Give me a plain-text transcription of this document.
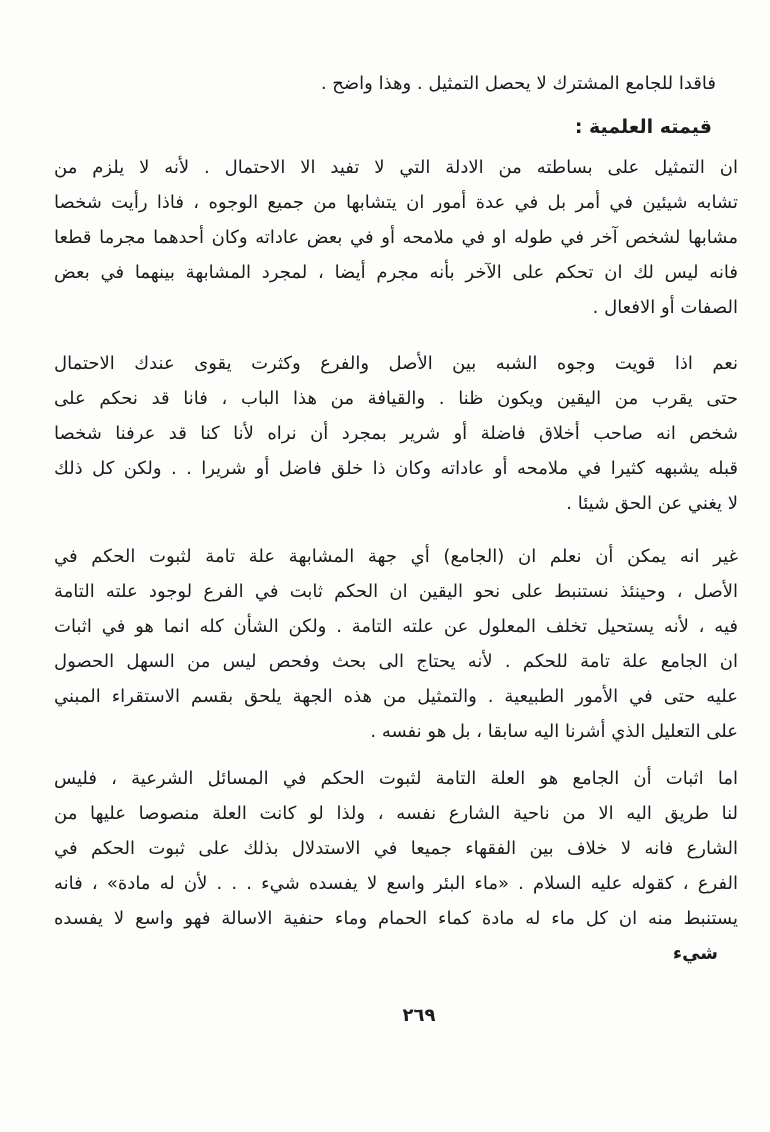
فاقدا للجامع المشترك لا يحصل التمثيل . وهذا واضح .
قيمته العلمية :
ان التمثيل على بساطته من الادلة التي لا تفيد الا الاحتمال . لأنه لا يلزم من
تشابه شيئين في أمر بل في عدة أمور ان يتشابها من جميع الوجوه ، فاذا رأيت شخصا
مشابها لشخص آخر في طوله او في ملامحه أو في بعض عاداته وكان أحدهما مجرما قطعا
فانه ليس لك ان تحكم على الآخر بأنه مجرم أيضا ، لمجرد المشابهة بينهما في بعض
الصفات أو الافعال .
نعم اذا قويت وجوه الشبه بين الأصل والفرع وكثرت يقوى عندك الاحتمال
حتى يقرب من اليقين ويكون ظنا . والقيافة من هذا الباب ، فانا قد نحكم على
شخص انه صاحب أخلاق فاضلة أو شرير بمجرد أن نراه لأنا كنا قد عرفنا شخصا
قبله يشبهه كثيرا في ملامحه أو عاداته وكان ذا خلق فاضل أو شريرا . . ولكن كل ذلك
لا يغني عن الحق شيئا .
غير انه يمكن أن نعلم ان (الجامع) أي جهة المشابهة علة تامة لثبوت الحكم في
الأصل ، وحينئذ نستنبط على نحو اليقين ان الحكم ثابت في الفرع لوجود علته التامة
فيه ، لأنه يستحيل تخلف المعلول عن علته التامة . ولكن الشأن كله انما هو في اثبات
ان الجامع علة تامة للحكم . لأنه يحتاج الى بحث وفحص ليس من السهل الحصول
عليه حتى في الأمور الطبيعية . والتمثيل من هذه الجهة يلحق بقسم الاستقراء المبني
على التعليل الذي أشرنا اليه سابقا ، بل هو نفسه .
اما اثبات أن الجامع هو العلة التامة لثبوت الحكم في المسائل الشرعية ، فليس
لنا طريق اليه الا من ناحية الشارع نفسه ، ولذا لو كانت العلة منصوصا عليها من
الشارع فانه لا خلاف بين الفقهاء جميعا في الاستدلال بذلك على ثبوت الحكم في
الفرع ، كقوله عليه السلام . «ماء البئر واسع لا يفسده شيء . . . لأن له مادة» ، فانه
يستنبط منه ان كل ماء له مادة كماء الحمام وماء حنفية الاسالة فهو واسع لا يفسده
شيء
٢٦٩
